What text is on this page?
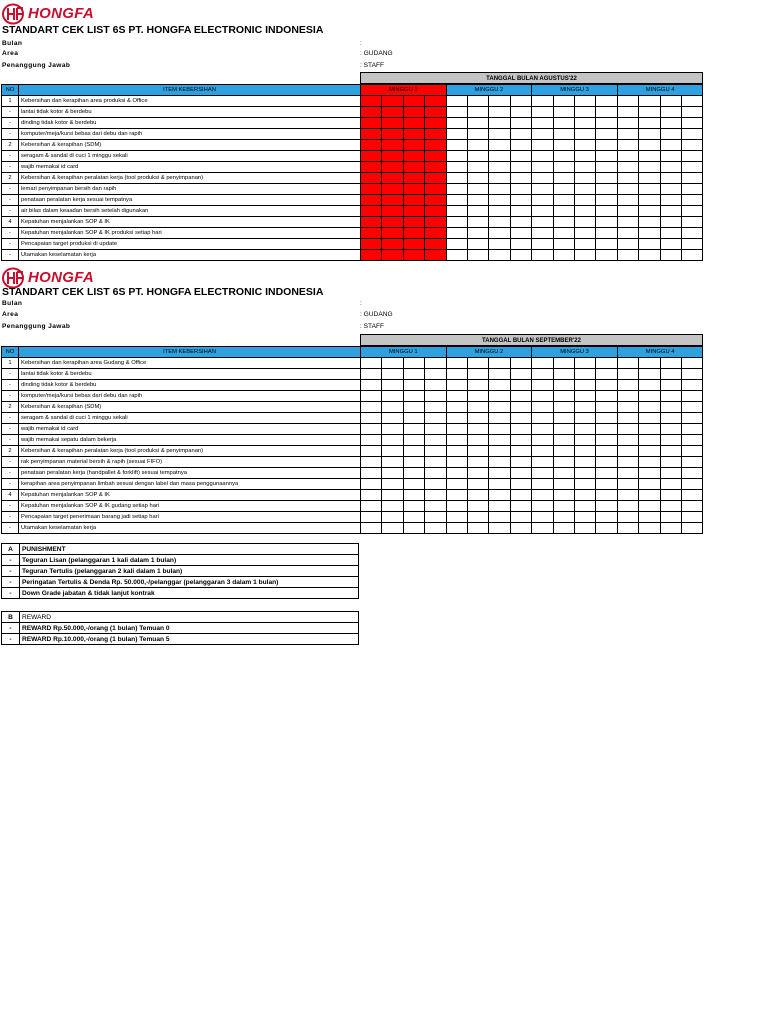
HONGFA
STANDART CEK LIST 6S PT. HONGFA ELECTRONIC INDONESIA
Bulan	:
Area	: GUDANG
Penanggung Jawab	: STAFF
TANGGAL BULAN AGUSTUS'22
NO	ITEM KEBERSIHAN	MINGGU 1				MINGGU 2				MINGGU 3				MINGGU 4			
1	Kebersihan dan kerapihan area produksi & Office																
-	lantai tidak kotor & berdebu																
-	dinding tidak kotor & berdebu																
-	komputer/meja/kursi bebas dari debu dan rapih																
2	Kebersihan & kerapihan (SDM)																
-	seragam & sandal di cuci 1 minggu sekali																
-	wajib memakai id card																
2	Kebersihan & kerapihan peralatan kerja (tool produksi & penyimpanan)																
-	lemari penyimpanan bersih dan rapih																
-	penataan peralatan kerja sesuai tempatnya																
-	air bilas dalam keaadan bersih setelah digunakan																
4	Kepatuhan menjalankan SOP & IK																
-	Kepatuhan menjalankan SOP & IK produksi setiap hari																
-	Pencapaian target produksi di update																
-	Utamakan keselamatan kerja																
HONGFA
STANDART CEK LIST 6S PT. HONGFA ELECTRONIC INDONESIA
Bulan	:
Area	: GUDANG
Penanggung Jawab	: STAFF
TANGGAL BULAN SEPTEMBER'22
NO	ITEM KEBERSIHAN	MINGGU 1				MINGGU 2				MINGGU 3				MINGGU 4			
1	Kebersihan dan kerapihan area Gudang & Office																
-	lantai tidak kotor & berdebu																
-	dinding tidak kotor & berdebu																
-	komputer/meja/kursi bebas dari debu dan rapih																
2	Kebersihan & kerapihan (SDM)																
-	seragam & sandal di cuci 1 minggu sekali																
-	wajib memakai id card																
-	wajib memakai sepatu dalam bekerja																
2	Kebersihan & kerapihan peralatan kerja (tool produksi & penyimpanan)																
-	rak penyimpanan material bersih & rapih (sesuai FIFO)																
-	penataan peralatan kerja (handpallet & forklift) sesuai tempatnya																
-	kerapihan area penyimpanan limbah sesuai dengan label dan masa penggunaannya																
4	Kepatuhan menjalankan SOP & IK																
-	Kepatuhan menjalankan SOP & IK gudang setiap hari																
-	Pencapaian target penerimaan barang jadi setiap hari																
-	Utamakan keselamatan kerja																
A	PUNISHMENT
-	Teguran Lisan (pelanggaran 1 kali dalam 1 bulan)
-	Teguran Tertulis (pelanggaran 2 kali dalam 1 bulan)
-	Peringatan Tertulis & Denda Rp. 50.000,-/pelanggar (pelanggaran 3 dalam 1 bulan)
-	Down Grade jabatan & tidak lanjut kontrak
B	REWARD
-	REWARD Rp.50.000,-/orang (1 bulan) Temuan 0
-	REWARD Rp.10.000,-/orang (1 bulan) Temuan 5
